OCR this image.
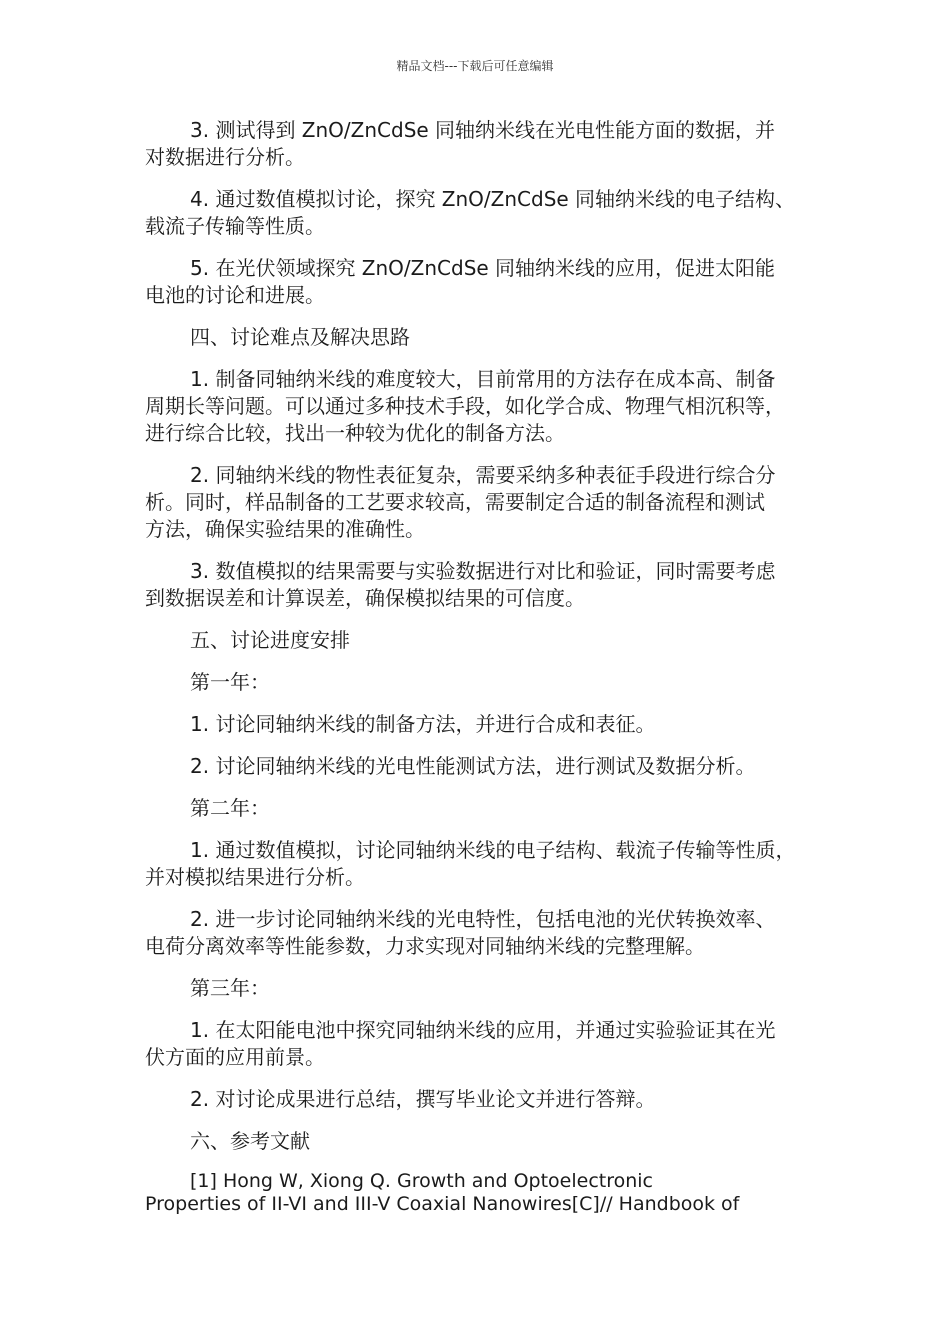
精品文档---下载后可任意编辑

3. 测试得到 ZnO/ZnCdSe 同轴纳米线在光电性能方面的数据，并
对数据进行分析。

4. 通过数值模拟讨论，探究 ZnO/ZnCdSe 同轴纳米线的电子结构、
载流子传输等性质。

5. 在光伏领域探究 ZnO/ZnCdSe 同轴纳米线的应用，促进太阳能
电池的讨论和进展。

四、讨论难点及解决思路

1. 制备同轴纳米线的难度较大，目前常用的方法存在成本高、制备
周期长等问题。可以通过多种技术手段，如化学合成、物理气相沉积等，
进行综合比较，找出一种较为优化的制备方法。

2. 同轴纳米线的物性表征复杂，需要采纳多种表征手段进行综合分
析。同时，样品制备的工艺要求较高，需要制定合适的制备流程和测试
方法，确保实验结果的准确性。

3. 数值模拟的结果需要与实验数据进行对比和验证，同时需要考虑
到数据误差和计算误差，确保模拟结果的可信度。

五、讨论进度安排

第一年：

1. 讨论同轴纳米线的制备方法，并进行合成和表征。

2. 讨论同轴纳米线的光电性能测试方法，进行测试及数据分析。

第二年：

1. 通过数值模拟，讨论同轴纳米线的电子结构、载流子传输等性质，
并对模拟结果进行分析。

2. 进一步讨论同轴纳米线的光电特性，包括电池的光伏转换效率、
电荷分离效率等性能参数，力求实现对同轴纳米线的完整理解。

第三年：

1. 在太阳能电池中探究同轴纳米线的应用，并通过实验验证其在光
伏方面的应用前景。

2. 对讨论成果进行总结，撰写毕业论文并进行答辩。

六、参考文献

[1] Hong W, Xiong Q. Growth and Optoelectronic
Properties of II-VI and III-V Coaxial Nanowires[C]// Handbook of
